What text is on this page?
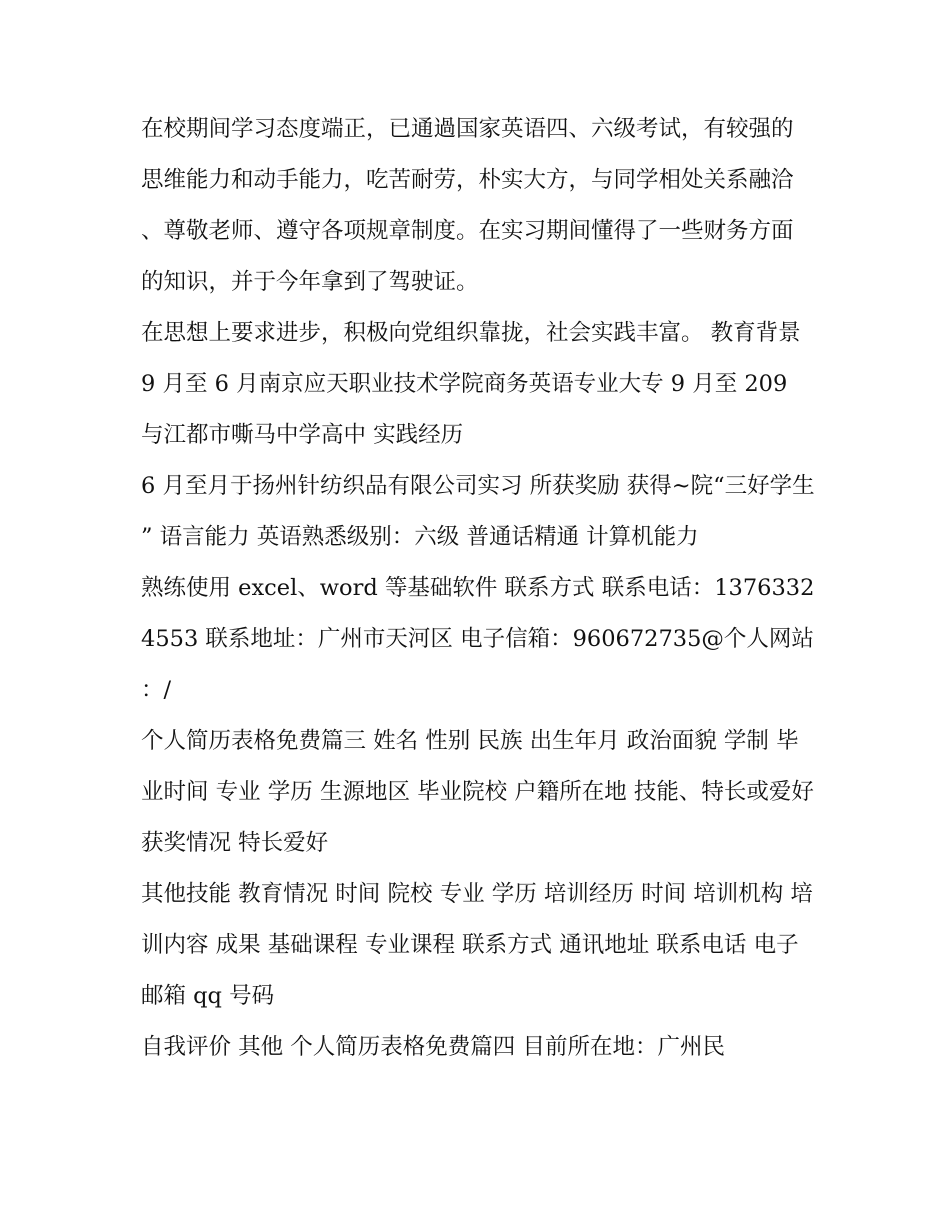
在校期间学习态度端正，已通過国家英语四、六级考试，有较强的思维能力和动手能力，吃苦耐劳，朴实大方，与同学相处关系融洽、尊敬老师、遵守各项规章制度。在实习期间懂得了一些财务方面的知识，并于今年拿到了驾驶证。

在思想上要求进步，积极向党组织靠拢，社会实践丰富。 教育背景 9 月至 6 月南京应天职业技术学院商务英语专业大专 9 月至 209 与江都市嘶马中学高中 实践经历

6 月至月于扬州针纺织品有限公司实习 所获奖励 获得~院“三好学生” 语言能力 英语熟悉级别：六级 普通话精通 计算机能力

熟练使用 excel、word 等基础软件 联系方式 联系电话：13763324553 联系地址：广州市天河区 电子信箱：960672735@个人网站：/

个人简历表格免费篇三 姓名 性别 民族 出生年月 政治面貌 学制 毕业时间 专业 学历 生源地区 毕业院校 户籍所在地 技能、特长或爱好 获奖情况 特长爱好

其他技能 教育情况 时间 院校 专业 学历 培训经历 时间 培训机构 培训内容 成果 基础课程 专业课程 联系方式 通讯地址 联系电话 电子邮箱 qq 号码

自我评价 其他 个人简历表格免费篇四 目前所在地：广州民
